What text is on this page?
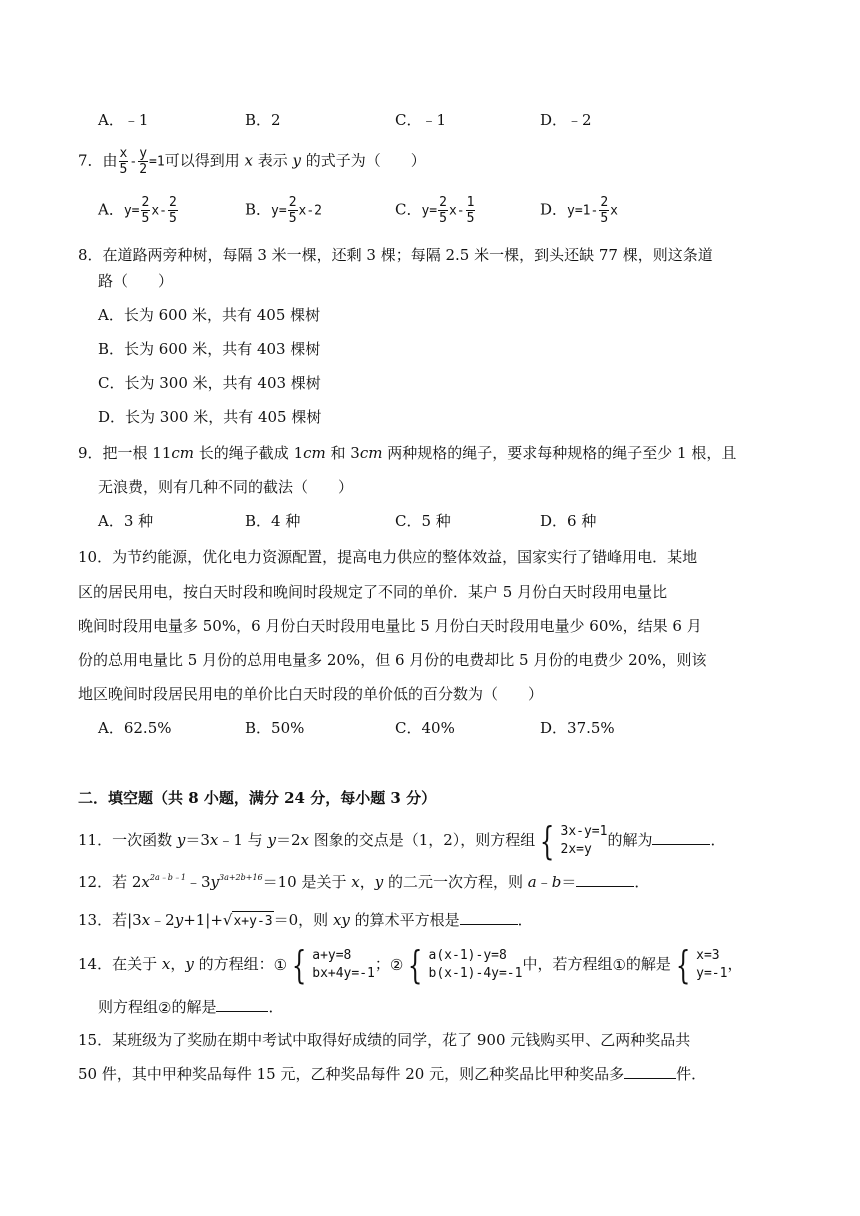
A．﹣1	B．2	C．﹣1	D．﹣2
7．由 $\frac{x}{5} - \frac{y}{2} =1$可以得到用 x 表示 y 的式子为（　　）
A．$y= \frac{2}{5} x- \frac{2}{5}$	B．$y= \frac{2}{5} x-2$	C．$y= \frac{2}{5} x- \frac{1}{5}$	D．$y=1- \frac{2}{5}$ x
8．在道路两旁种树，每隔 3 米一棵，还剩 3 棵；每隔 2.5 米一棵，到头还缺 77 棵，则这条道
路（　　）
A．长为 600 米，共有 405 棵树
B．长为 600 米，共有 403 棵树
C．长为 300 米，共有 403 棵树
D．长为 300 米，共有 405 棵树
9．把一根 11cm 长的绳子截成 1cm 和 3cm 两种规格的绳子，要求每种规格的绳子至少 1 根，且
无浪费，则有几种不同的截法（　　）
A．3 种	B．4 种	C．5 种	D．6 种
10．为节约能源，优化电力资源配置，提高电力供应的整体效益，国家实行了错峰用电．某地
区的居民用电，按白天时段和晚间时段规定了不同的单价．某户 5 月份白天时段用电量比
晚间时段用电量多 50%，6 月份白天时段用电量比 5 月份白天时段用电量少 60%，结果 6 月
份的总用电量比 5 月份的总用电量多 20%，但 6 月份的电费却比 5 月份的电费少 20%，则该
地区晚间时段居民用电的单价比白天时段的单价低的百分数为（　　）
A．62.5%	B．50%	C．40%	D．37.5%
二．填空题（共 8 小题，满分 24 分，每小题 3 分）
11．一次函数 y＝3x﹣1 与 y＝2x 图象的交点是（1，2），则方程组 { 3x-y=1
2x=y
的解为	．
12．若 $2x^{2a﹣b﹣1}﹣3y^{3a+2b+16}=10$ 是关于 x，y 的二元一次方程，则 a﹣b＝	．
13．若|3x﹣2y+1|+√x+y-3＝0，则 xy 的算术平方根是	．
14．在关于 x，y 的方程组：① { a+y=8
bx+4y=-1
；② { a(x-1)-y=8
b(x-1)-4y=-1
中，若方程组①的解是 { x=3
y=-1
，
则方程组②的解是	．
15．某班级为了奖励在期中考试中取得好成绩的同学，花了 900 元钱购买甲、乙两种奖品共
50 件，其中甲种奖品每件 15 元，乙种奖品每件 20 元，则乙种奖品比甲种奖品多	件．
